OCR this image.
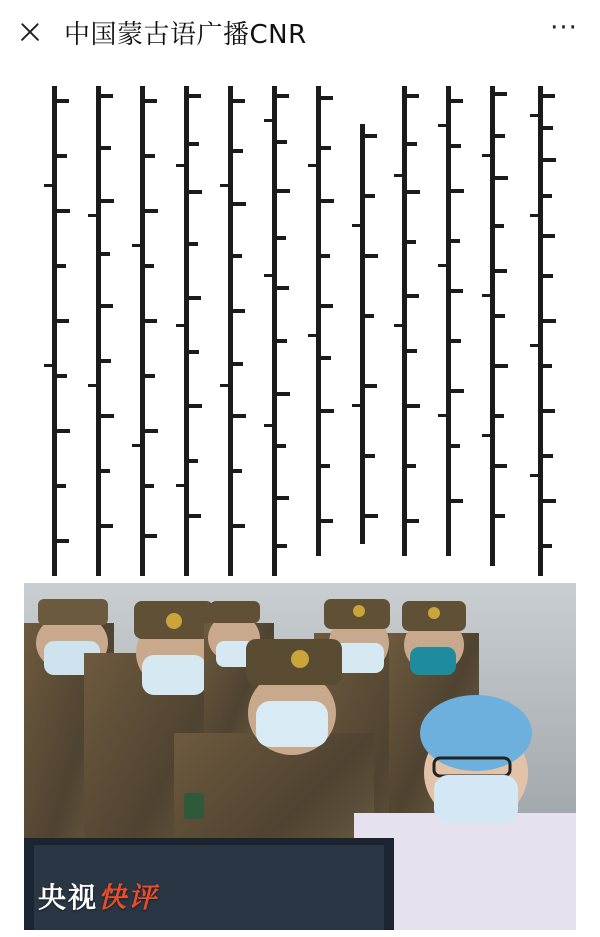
中国蒙古语广播CNR	···
央视快评
